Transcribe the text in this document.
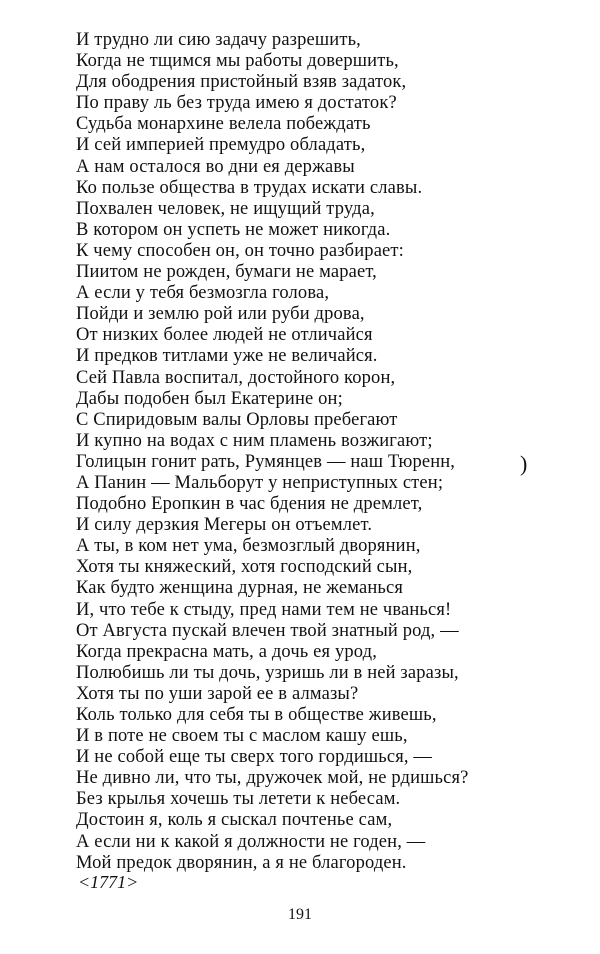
И трудно ли сию задачу разрешить,
Когда не тщимся мы работы довершить,
Для ободрения пристойный взяв задаток,
По праву ль без труда имею я достаток?
Судьба монархине велела побеждать
И сей империей премудро обладать,
А нам осталося во дни ея державы
Ко пользе общества в трудах искати славы.
Похвален человек, не ищущий труда,
В котором он успеть не может никогда.
К чему способен он, он точно разбирает:
Пиитом не рожден, бумаги не марает,
А если у тебя безмозгла голова,
Пойди и землю рой или руби дрова,
От низких более людей не отличайся
И предков титлами уже не величайся.
Сей Павла воспитал, достойного корон,
Дабы подобен был Екатерине он;
С Спиридовым валы Орловы пребегают
И купно на водах с ним пламень возжигают;
Голицын гонит рать, Румянцев — наш Тюренн,
А Панин — Мальборут у неприступных стен;
Подобно Еропкин в час бдения не дремлет,
И силу дерзкия Мегеры он отъемлет.
А ты, в ком нет ума, безмозглый дворянин,
Хотя ты княжеский, хотя господский сын,
Как будто женщина дурная, не жеманься
И, что тебе к стыду, пред нами тем не чванься!
От Августа пускай влечен твой знатный род, —
Когда прекрасна мать, а дочь ея урод,
Полюбишь ли ты дочь, узришь ли в ней заразы,
Хотя ты по уши зарой ее в алмазы?
Коль только для себя ты в обществе живешь,
И в поте не своем ты с маслом кашу ешь,
И не собой еще ты сверх того гордишься, —
Не дивно ли, что ты, дружочек мой, не рдишься?
Без крылья хочешь ты летети к небесам.
Достоин я, коль я сыскал почтенье сам,
А если ни к какой я должности не годен, —
Мой предок дворянин, а я не благороден.
)
<1771>
191
